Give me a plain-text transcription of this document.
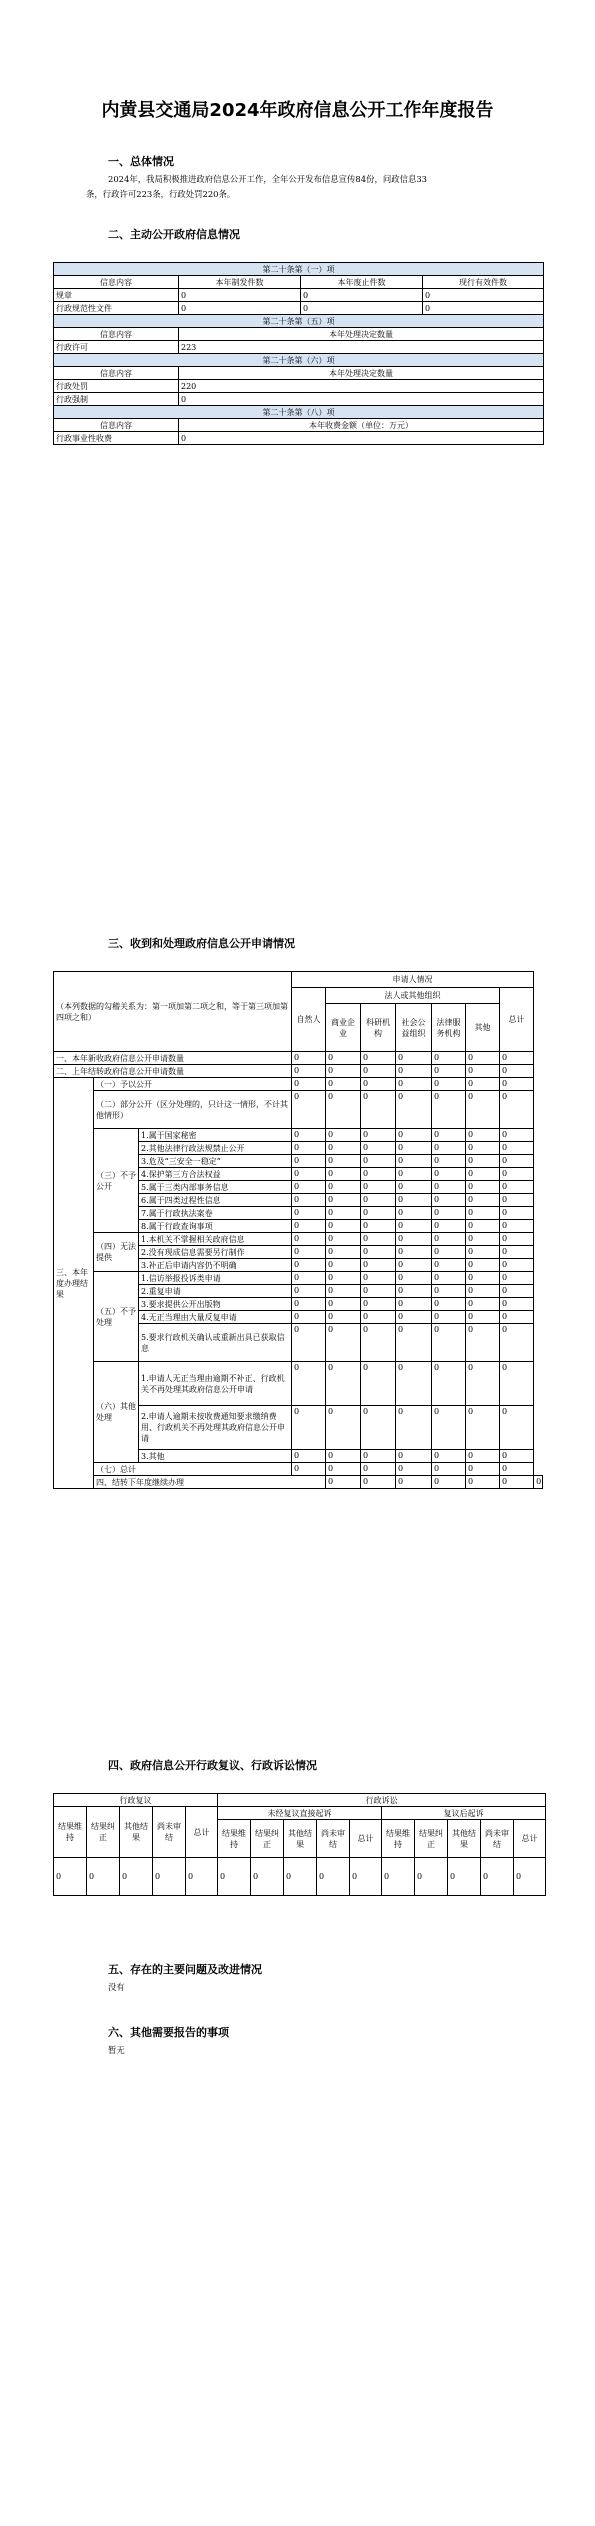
内黄县交通局2024年政府信息公开工作年度报告
一、总体情况
2024年，我局积极推进政府信息公开工作，全年公开发布信息宣传84份，问政信息33
条，行政许可223条，行政处罚220条。
二、主动公开政府信息情况
第二十条第（一）项			
信息内容	本年制发件数	本年废止件数	现行有效件数
规章	0	0	0
行政规范性文件	0	0	0
第二十条第（五）项			
信息内容	本年处理决定数量		
行政许可	223		
第二十条第（六）项			
信息内容	本年处理决定数量		
行政处罚	220		
行政强制	0		
第二十条第（八）项			
信息内容	本年收费金额（单位：万元）		
行政事业性收费	0		
三、收到和处理政府信息公开申请情况
（本列数据的勾稽关系为：第一项加第二项之和，等于第三项加第四项之和）			申请人情况							
			自然人	法人或其他组织					总计	
				商业企业	科研机构	社会公益组织	法律服务机构	其他		
一、本年新收政府信息公开申请数量			0	0	0	0	0	0	0	
二、上年结转政府信息公开申请数量			0	0	0	0	0	0	0	
三、本年度办理结果	（一）予以公开		0	0	0	0	0	0	0	
	（二）部分公开（区分处理的，只计这一情形，不计其他情形）		0	0	0	0	0	0	0	
	（三）不予公开	1.属于国家秘密	0	0	0	0	0	0	0	
		2.其他法律行政法规禁止公开	0	0	0	0	0	0	0	
		3.危及“三安全一稳定”	0	0	0	0	0	0	0	
		4.保护第三方合法权益	0	0	0	0	0	0	0	
		5.属于三类内部事务信息	0	0	0	0	0	0	0	
		6.属于四类过程性信息	0	0	0	0	0	0	0	
		7.属于行政执法案卷	0	0	0	0	0	0	0	
		8.属于行政查询事项	0	0	0	0	0	0	0	
	（四）无法提供	1.本机关不掌握相关政府信息	0	0	0	0	0	0	0	
		2.没有现成信息需要另行制作	0	0	0	0	0	0	0	
		3.补正后申请内容仍不明确	0	0	0	0	0	0	0	
	（五）不予处理	1.信访举报投诉类申请	0	0	0	0	0	0	0	
		2.重复申请	0	0	0	0	0	0	0	
		3.要求提供公开出版物	0	0	0	0	0	0	0	
		4.无正当理由大量反复申请	0	0	0	0	0	0	0	
		5.要求行政机关确认或重新出具已获取信息	0	0	0	0	0	0	0	
	（六）其他处理	1.申请人无正当理由逾期不补正、行政机关不再处理其政府信息公开申请	0	0	0	0	0	0	0	
		2.申请人逾期未按收费通知要求缴纳费用、行政机关不再处理其政府信息公开申请	0	0	0	0	0	0	0	
		3.其他	0	0	0	0	0	0	0	
	（七）总计		0	0	0	0	0	0	0	
	四、结转下年度继续办理			0	0	0	0	0	0	0
四、政府信息公开行政复议、行政诉讼情况
行政复议					行政诉讼									
结果维持	结果纠正	其他结果	尚未审结	总计	未经复议直接起诉					复议后起诉				
					结果维持	结果纠正	其他结果	尚未审结	总计	结果维持	结果纠正	其他结果	尚未审结	总计
0	0	0	0	0	0	0	0	0	0	0	0	0	0	0
五、存在的主要问题及改进情况
没有
六、其他需要报告的事项
暂无
